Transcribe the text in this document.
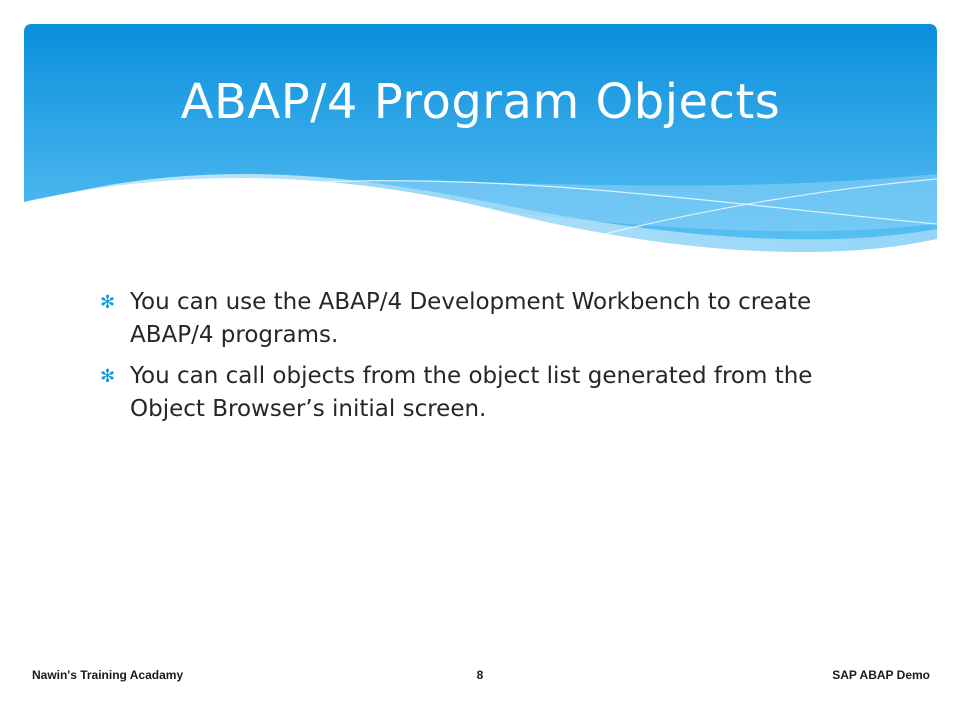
ABAP/4 Program Objects
✻ You can use the ABAP/4 Development Workbench to create ABAP/4 programs.
✻ You can call objects from the object list generated from the Object Browser’s initial screen.
Nawin's Training Acadamy	8	SAP ABAP Demo
